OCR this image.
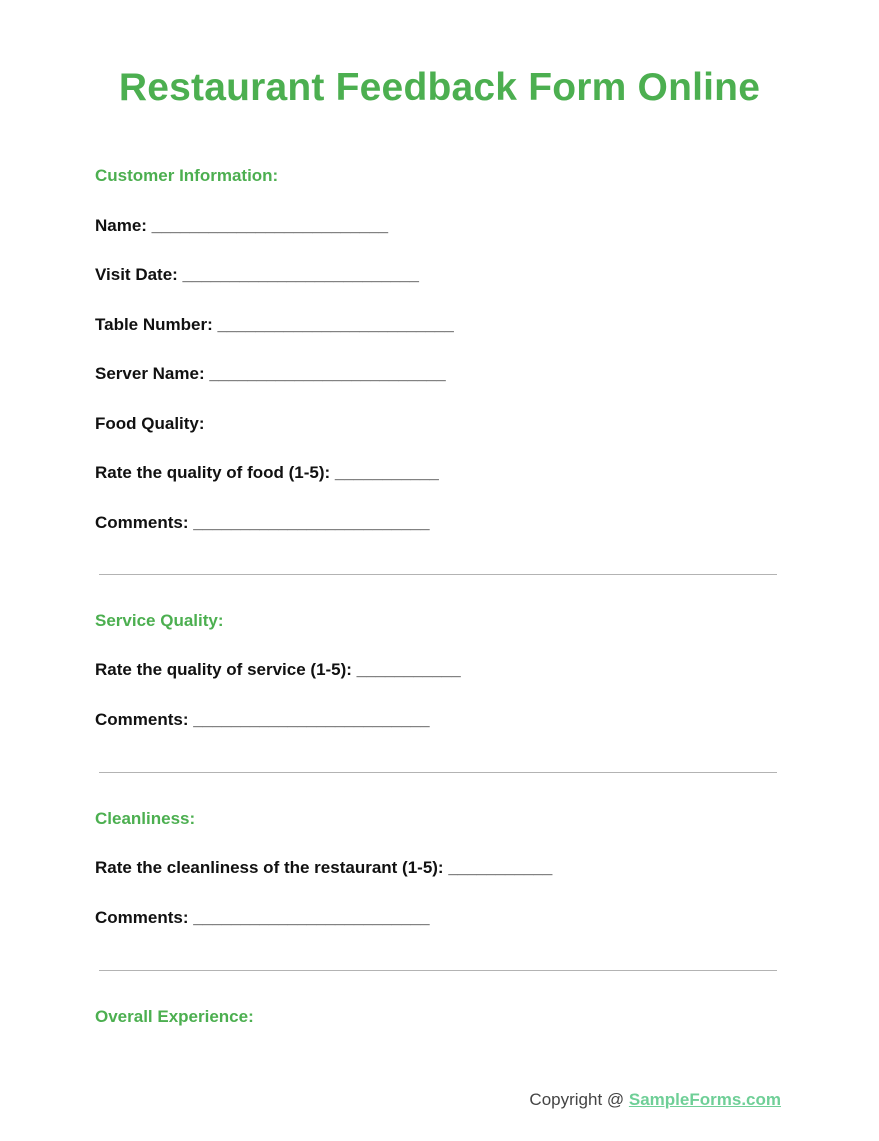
Restaurant Feedback Form Online
Customer Information:

Name: _________________________

Visit Date: _________________________

Table Number: _________________________

Server Name: _________________________

Food Quality:

Rate the quality of food (1-5): ___________

Comments: _________________________

Service Quality:

Rate the quality of service (1-5): ___________

Comments: _________________________

Cleanliness:

Rate the cleanliness of the restaurant (1-5): ___________

Comments: _________________________

Overall Experience:
Copyright @ SampleForms.com
